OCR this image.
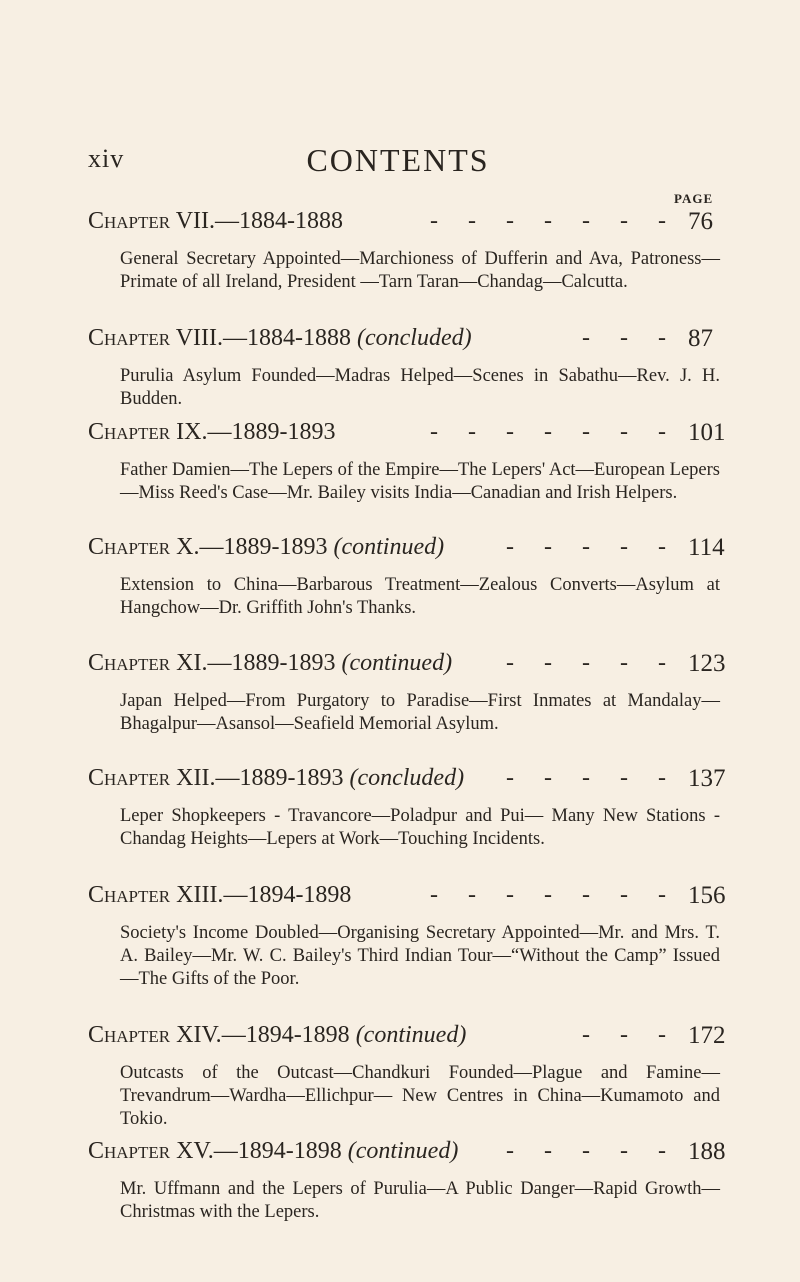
xiv	CONTENTS
PAGE
Chapter VII.—1884-1888	- - - - - - - 76
General Secretary Appointed—Marchioness of Dufferin and Ava, Patroness—Primate of all Ireland, President —Tarn Taran—Chandag—Calcutta.
Chapter VIII.—1884-1888 (concluded)	- - - 87
Purulia Asylum Founded—Madras Helped—Scenes in Sabathu—Rev. J. H. Budden.
Chapter IX.—1889-1893	- - - - - - - 101
Father Damien—The Lepers of the Empire—The Lepers' Act—European Lepers—Miss Reed's Case—Mr. Bailey visits India—Canadian and Irish Helpers.
Chapter X.—1889-1893 (continued)	- - - - - 114
Extension to China—Barbarous Treatment—Zealous Converts—Asylum at Hangchow—Dr. Griffith John's Thanks.
Chapter XI.—1889-1893 (continued) - - - - - 123
Japan Helped—From Purgatory to Paradise—First Inmates at Mandalay—Bhagalpur—Asansol—Seafield Memorial Asylum.
Chapter XII.—1889-1893 (concluded) - - - - - 137
Leper Shopkeepers - Travancore—Poladpur and Pui— Many New Stations - Chandag Heights—Lepers at Work—Touching Incidents.
Chapter XIII.—1894-1898	- - - - - - - 156
Society's Income Doubled—Organising Secretary Appointed—Mr. and Mrs. T. A. Bailey—Mr. W. C. Bailey's Third Indian Tour—“Without the Camp” Issued—The Gifts of the Poor.
Chapter XIV.—1894-1898 (continued)	- - - 172
Outcasts of the Outcast—Chandkuri Founded—Plague and Famine—Trevandrum—Wardha—Ellichpur— New Centres in China—Kumamoto and Tokio.
Chapter XV.—1894-1898 (continued) - - - - - 188
Mr. Uffmann and the Lepers of Purulia—A Public Danger—Rapid Growth—Christmas with the Lepers.
